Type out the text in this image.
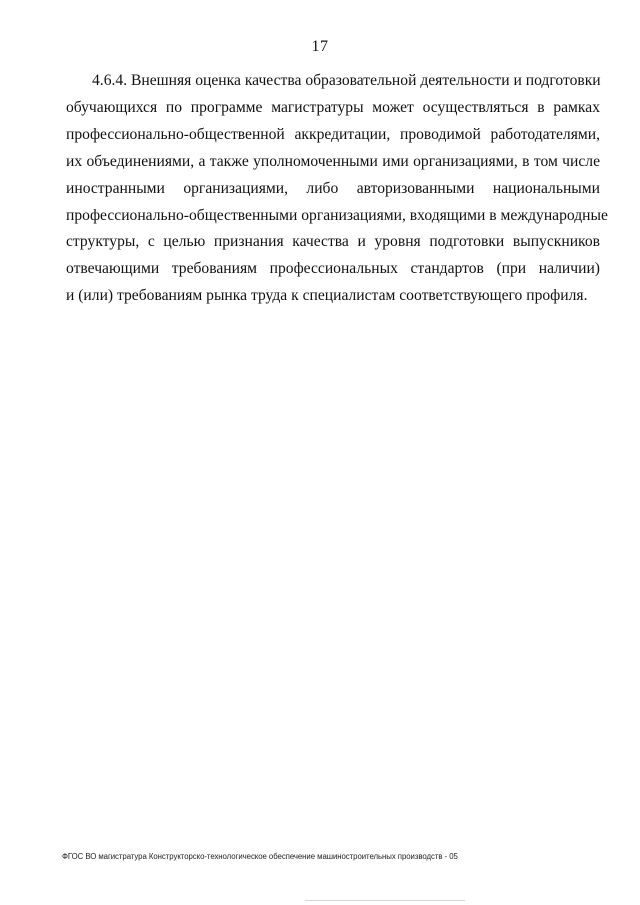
17

4.6.4. Внешняя оценка качества образовательной деятельности и подготовки
обучающихся по программе магистратуры может осуществляться в рамках
профессионально-общественной аккредитации, проводимой работодателями,
их объединениями, а также уполномоченными ими организациями, в том числе
иностранными организациями, либо авторизованными национальными
профессионально-общественными организациями, входящими в международные
структуры, с целью признания качества и уровня подготовки выпускников
отвечающими требованиям профессиональных стандартов (при наличии)
и (или) требованиям рынка труда к специалистам соответствующего профиля.

ФГОС ВО магистратура Конструкторско-технологическое обеспечение машиностроительных производств - 05
